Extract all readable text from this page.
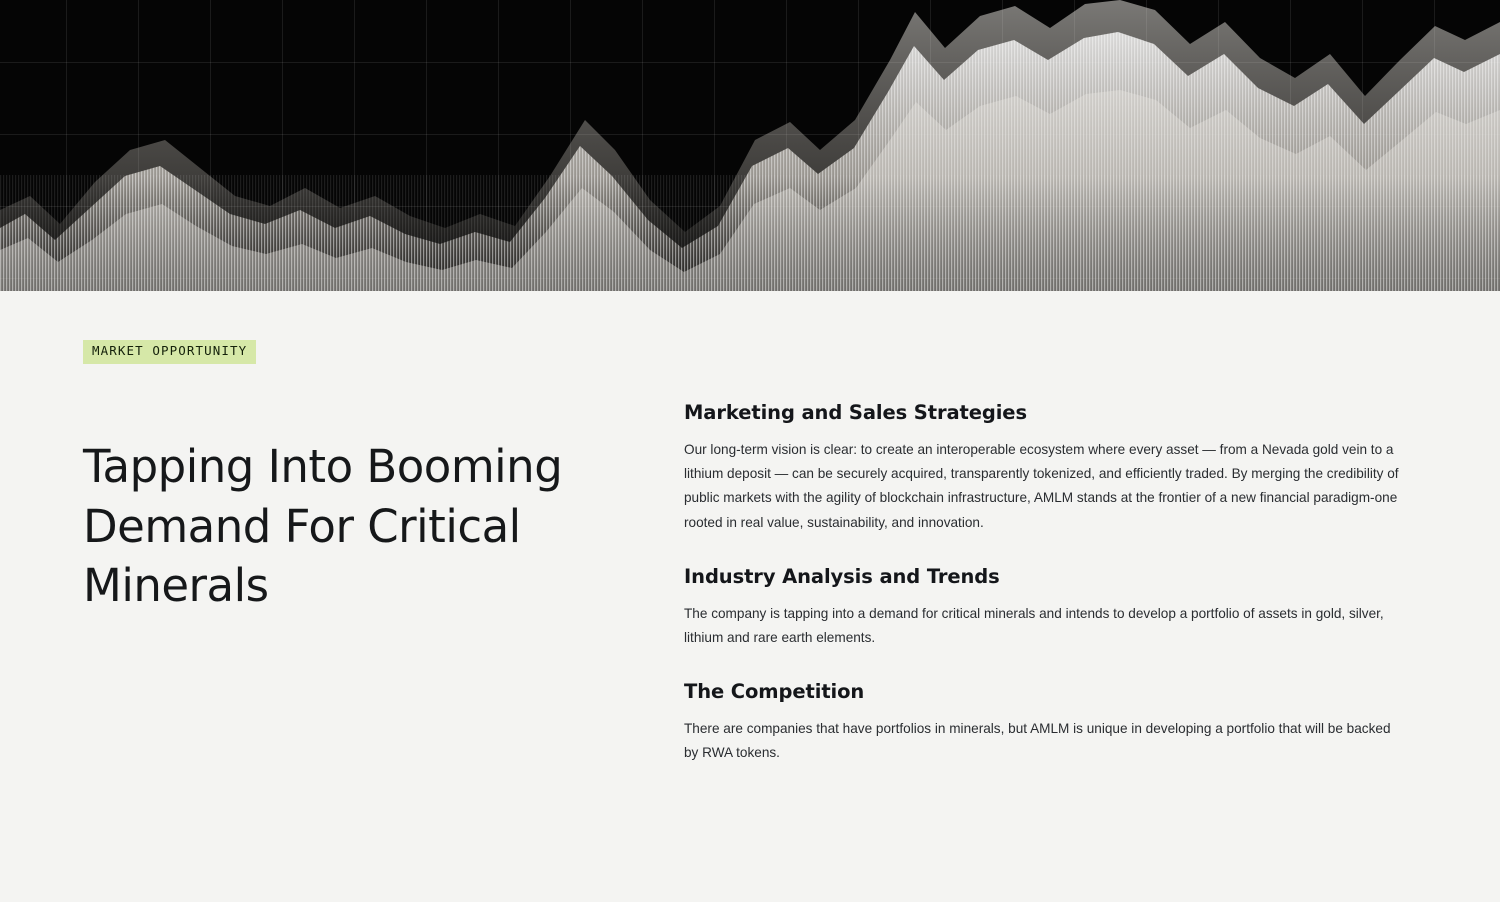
MARKET OPPORTUNITY
Tapping Into Booming Demand For Critical Minerals
Marketing and Sales Strategies

Our long-term vision is clear: to create an interoperable ecosystem where every asset — from a Nevada gold vein to a lithium deposit — can be securely acquired, transparently tokenized, and efficiently traded. By merging the credibility of public markets with the agility of blockchain infrastructure, AMLM stands at the frontier of a new financial paradigm-one rooted in real value, sustainability, and innovation.

Industry Analysis and Trends

The company is tapping into a demand for critical minerals and intends to develop a portfolio of assets in gold, silver, lithium and rare earth elements.

The Competition

There are companies that have portfolios in minerals, but AMLM is unique in developing a portfolio that will be backed by RWA tokens.
